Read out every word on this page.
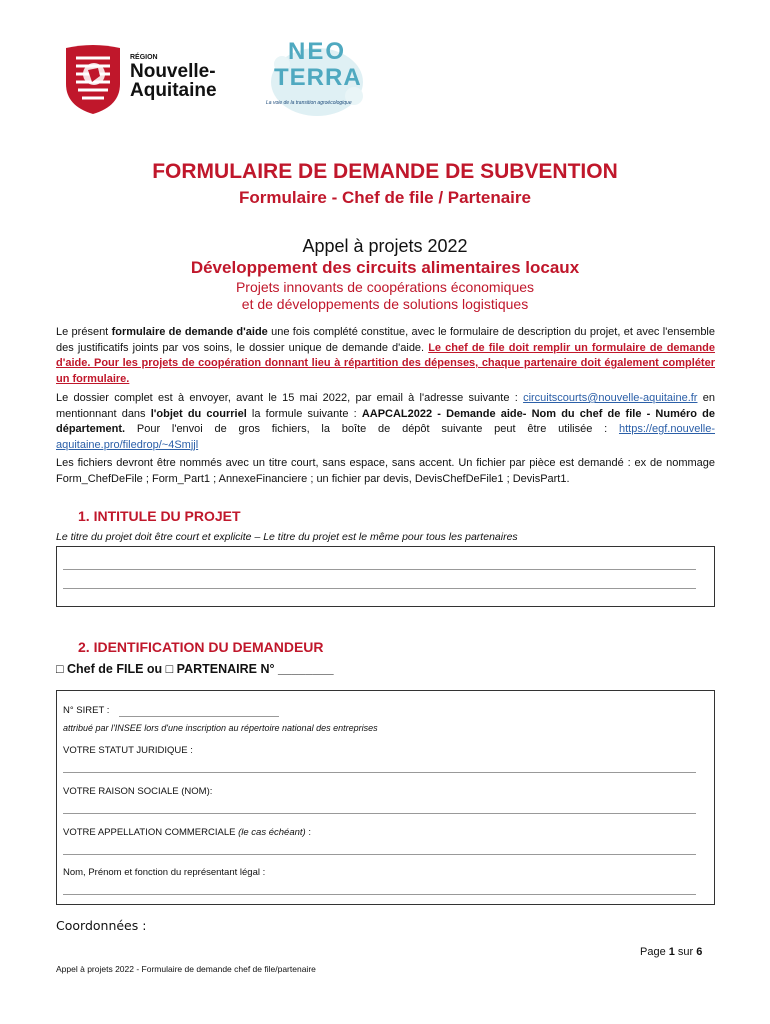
RÉGION
Nouvelle-
Aquitaine
NEO
TERRA
La voie de la transition agroécologique
FORMULAIRE DE DEMANDE DE SUBVENTION
Formulaire - Chef de file / Partenaire
Appel à projets 2022
Développement des circuits alimentaires locaux
Projets innovants de coopérations économiques
et de développements de solutions logistiques
Le présent formulaire de demande d'aide une fois complété constitue, avec le formulaire de description du projet, et avec l'ensemble des justificatifs joints par vos soins, le dossier unique de demande d'aide. Le chef de file doit remplir un formulaire de demande d'aide. Pour les projets de coopération donnant lieu à répartition des dépenses, chaque partenaire doit également compléter un formulaire.
Le dossier complet est à envoyer, avant le 15 mai 2022, par email à l'adresse suivante : circuitscourts@nouvelle-aquitaine.fr en mentionnant dans l'objet du courriel la formule suivante : AAPCAL2022 - Demande aide- Nom du chef de file - Numéro de département. Pour l'envoi de gros fichiers, la boîte de dépôt suivante peut être utilisée : https://egf.nouvelle-aquitaine.pro/filedrop/~4Smjjl
Les fichiers devront être nommés avec un titre court, sans espace, sans accent. Un fichier par pièce est demandé : ex de nommage Form_ChefDeFile ; Form_Part1 ; AnnexeFinanciere ; un fichier par devis, DevisChefDeFile1 ; DevisPart1.
1. INTITULE DU PROJET
Le titre du projet doit être court et explicite – Le titre du projet est le même pour tous les partenaires
2. IDENTIFICATION DU DEMANDEUR
□ Chef de FILE ou □ PARTENAIRE N° ________
N° SIRET :
attribué par l'INSEE lors d'une inscription au répertoire national des entreprises
VOTRE STATUT JURIDIQUE :
VOTRE RAISON SOCIALE (NOM):
VOTRE APPELLATION COMMERCIALE (le cas échéant) :
Nom, Prénom et fonction du représentant légal :
Coordonnées :
Page 1 sur 6
Appel à projets 2022 - Formulaire de demande chef de file/partenaire
